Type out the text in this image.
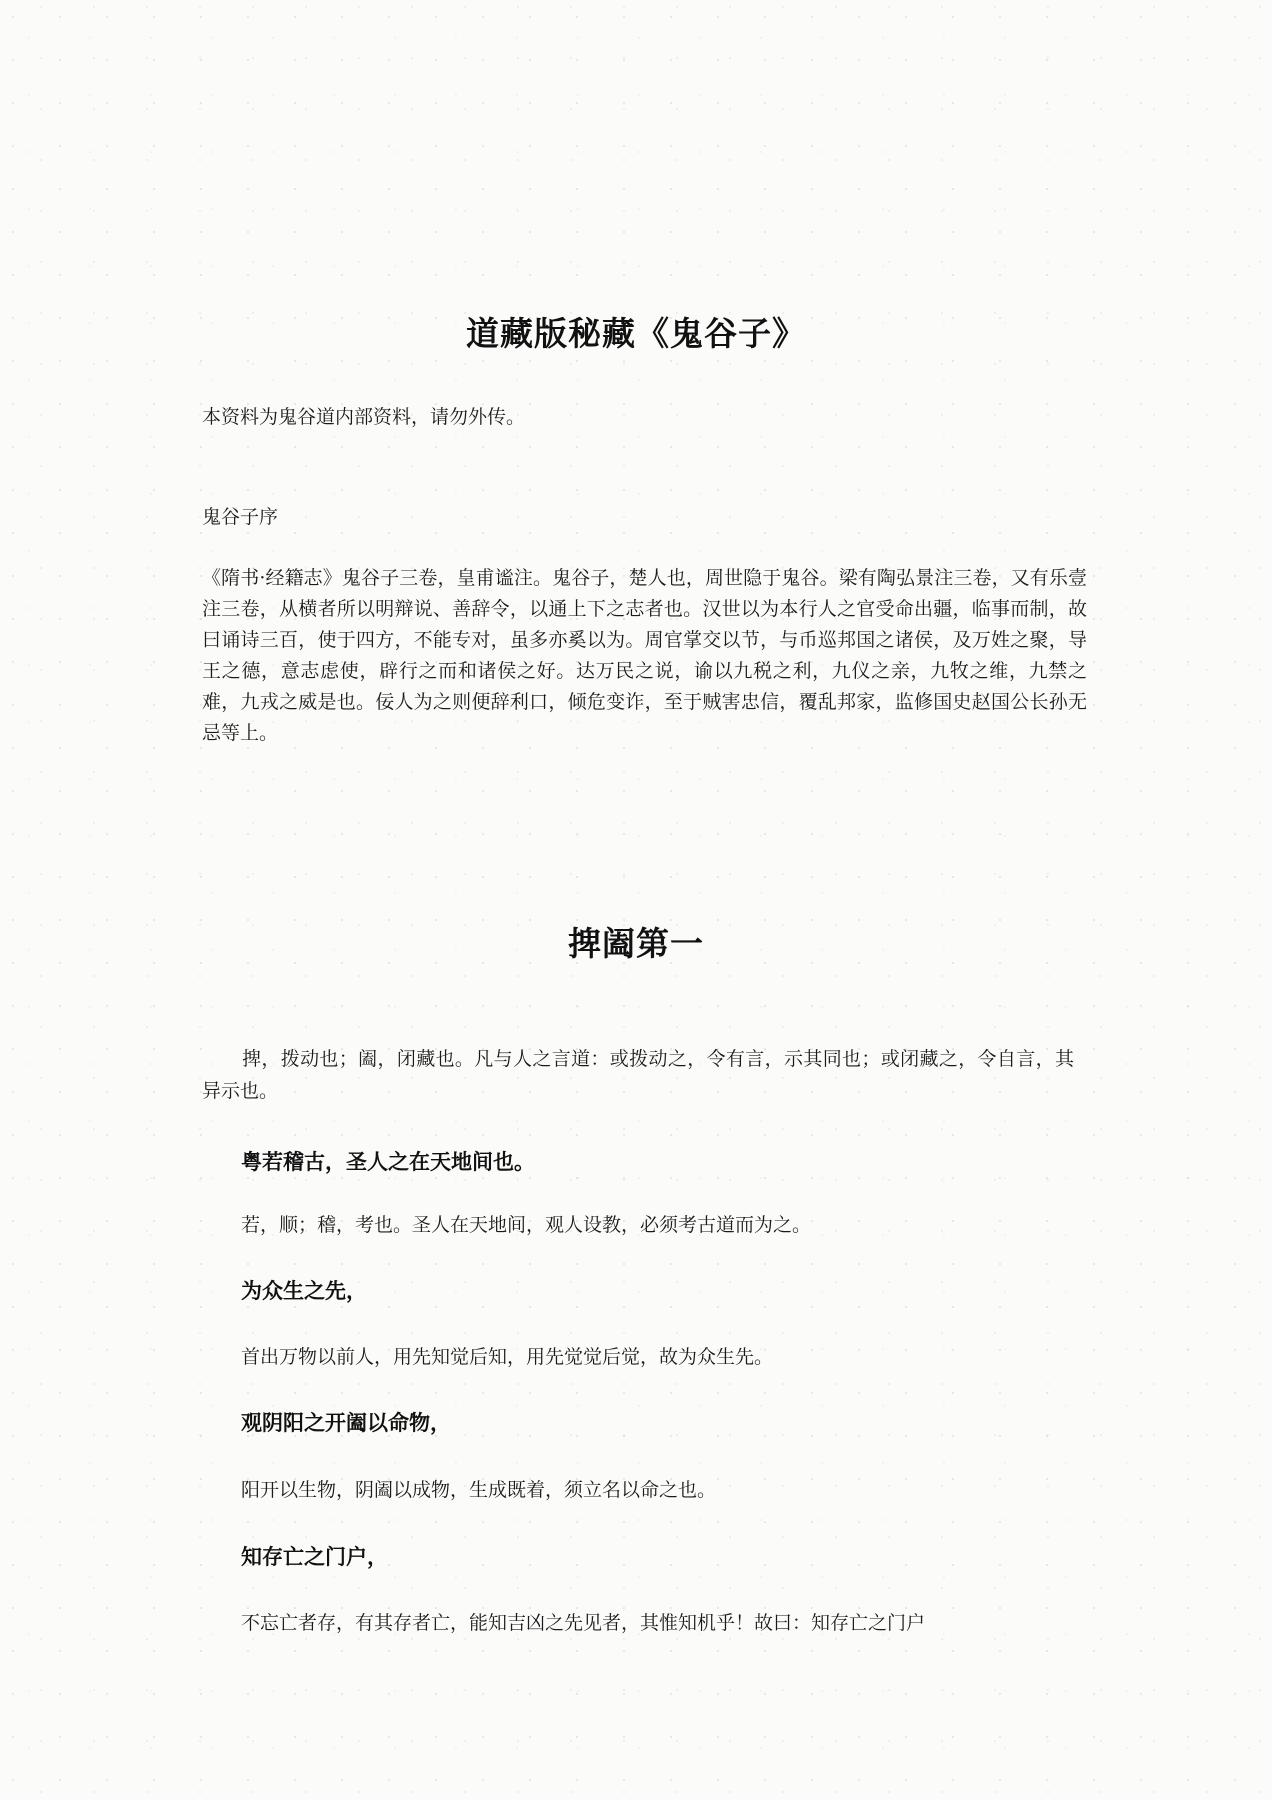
道藏版秘藏《鬼谷子》

本资料为鬼谷道内部资料，请勿外传。

鬼谷子序

《隋书·经籍志》鬼谷子三卷，皇甫谧注。鬼谷子，楚人也，周世隐于鬼谷。梁有陶弘景注三卷，又有乐壹注三卷，从横者所以明辩说、善辞令，以通上下之志者也。汉世以为本行人之官受命出疆，临事而制，故曰诵诗三百，使于四方，不能专对，虽多亦奚以为。周官掌交以节，与币巡邦国之诸侯，及万姓之聚，导王之德，意志虑使，辟行之而和诸侯之好。达万民之说，谕以九税之利，九仪之亲，九牧之维，九禁之难，九戎之威是也。佞人为之则便辞利口，倾危变诈，至于贼害忠信，覆乱邦家，监修国史赵国公长孙无忌等上。

捭阖第一

捭，拨动也；阖，闭藏也。凡与人之言道：或拨动之，令有言，示其同也；或闭藏之，令自言，其异示也。

粤若稽古，圣人之在天地间也。

若，顺；稽，考也。圣人在天地间，观人设教，必须考古道而为之。

为众生之先，

首出万物以前人，用先知觉后知，用先觉觉后觉，故为众生先。

观阴阳之开阖以命物，

阳开以生物，阴阖以成物，生成既着，须立名以命之也。

知存亡之门户，

不忘亡者存，有其存者亡，能知吉凶之先见者，其惟知机乎！故曰：知存亡之门户
